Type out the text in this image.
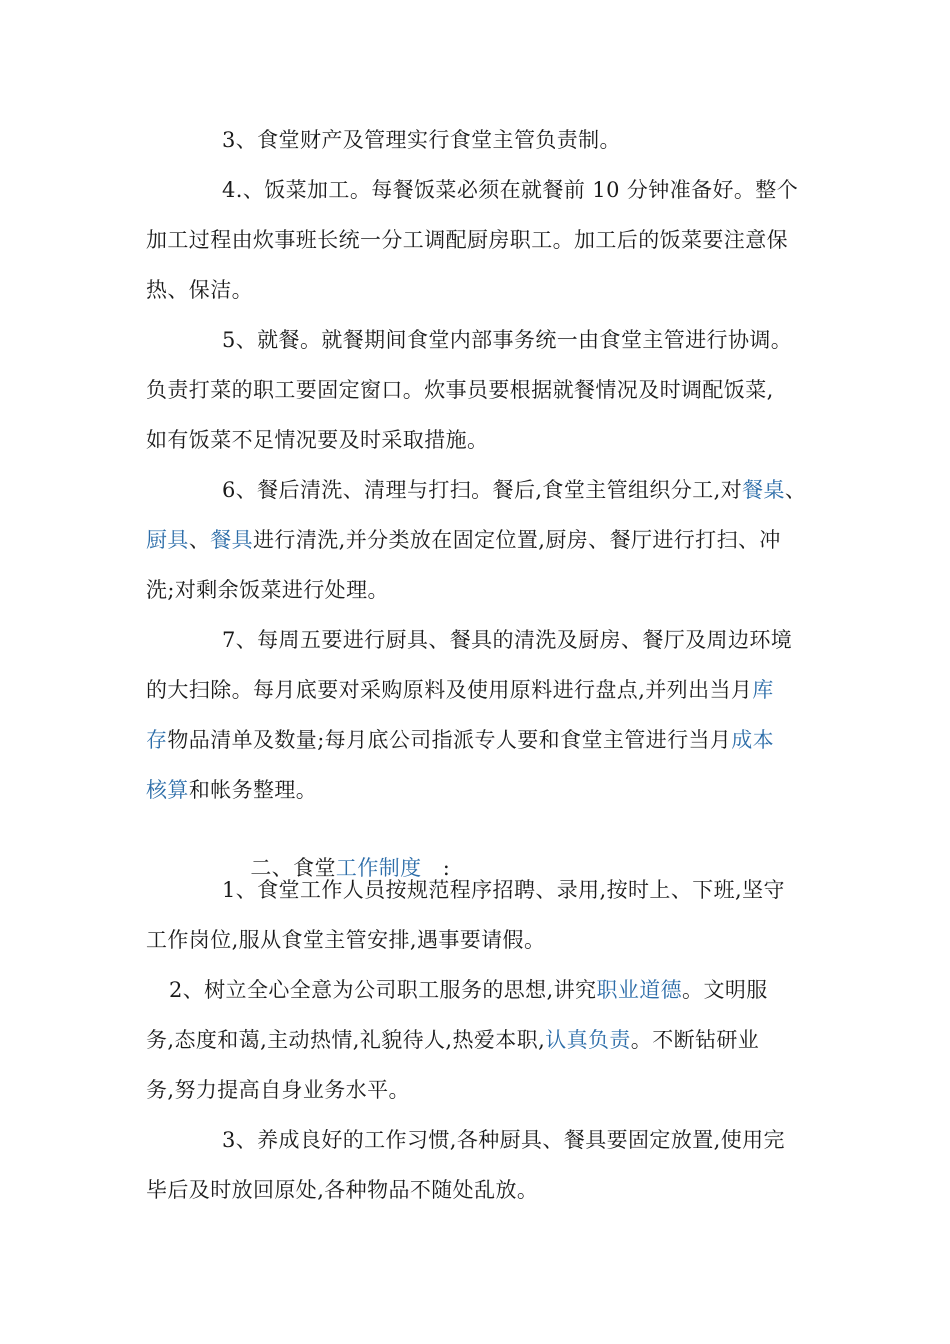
3、食堂财产及管理实行食堂主管负责制。
4.、饭菜加工。每餐饭菜必须在就餐前 10 分钟准备好。整个
加工过程由炊事班长统一分工调配厨房职工。加工后的饭菜要注意保
热、保洁。
5、就餐。就餐期间食堂内部事务统一由食堂主管进行协调。
负责打菜的职工要固定窗口。炊事员要根据就餐情况及时调配饭菜,
如有饭菜不足情况要及时采取措施。
6、餐后清洗、清理与打扫。餐后,食堂主管组织分工,对餐桌、
厨具、餐具进行清洗,并分类放在固定位置,厨房、餐厅进行打扫、冲
洗;对剩余饭菜进行处理。
7、每周五要进行厨具、餐具的清洗及厨房、餐厅及周边环境
的大扫除。每月底要对采购原料及使用原料进行盘点,并列出当月库
存物品清单及数量;每月底公司指派专人要和食堂主管进行当月成本
核算和帐务整理。

二、食堂工作制度   :

1、食堂工作人员按规范程序招聘、录用,按时上、下班,坚守
工作岗位,服从食堂主管安排,遇事要请假。
2、树立全心全意为公司职工服务的思想,讲究职业道德。文明服
务,态度和蔼,主动热情,礼貌待人,热爱本职,认真负责。不断钻研业
务,努力提高自身业务水平。
3、养成良好的工作习惯,各种厨具、餐具要固定放置,使用完
毕后及时放回原处,各种物品不随处乱放。
